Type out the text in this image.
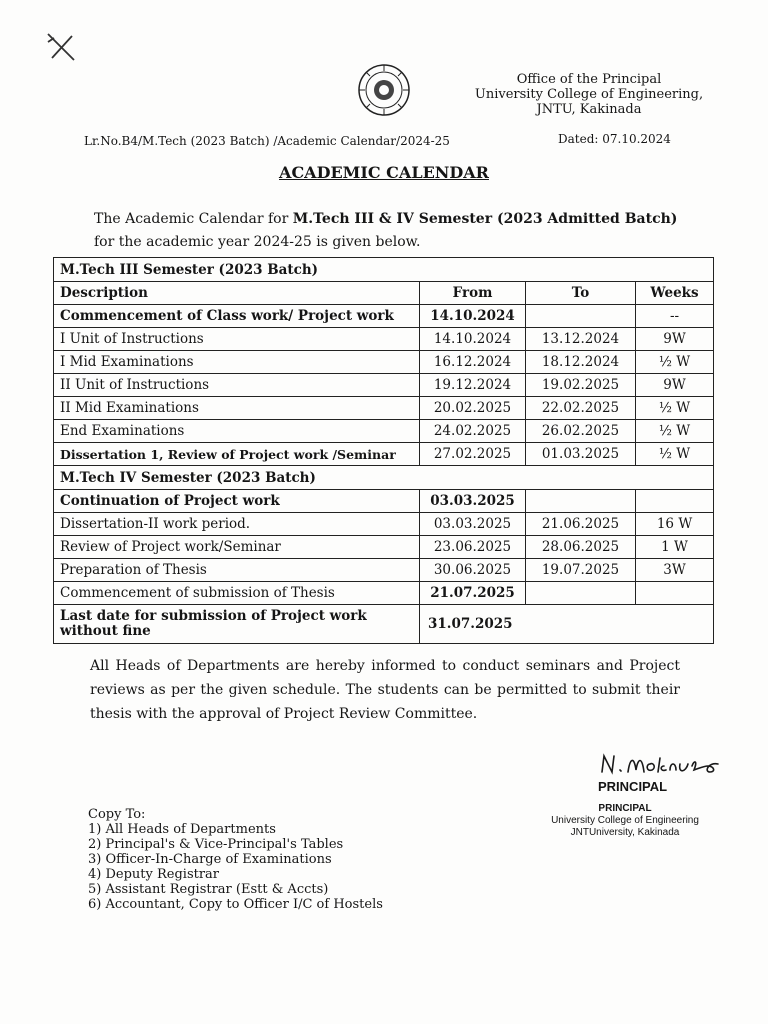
Office of the Principal
University College of Engineering,
JNTU, Kakinada
Lr.No.B4/M.Tech (2023 Batch) /Academic Calendar/2024-25	Dated: 07.10.2024
ACADEMIC CALENDAR
The Academic Calendar for M.Tech III & IV Semester (2023 Admitted Batch)
for the academic year 2024-25 is given below.
M.Tech III Semester (2023 Batch)			
Description	From	To	Weeks
Commencement of Class work/ Project work	14.10.2024		--
I Unit of Instructions	14.10.2024	13.12.2024	9W
I Mid Examinations	16.12.2024	18.12.2024	½ W
II Unit of Instructions	19.12.2024	19.02.2025	9W
II Mid Examinations	20.02.2025	22.02.2025	½ W
End Examinations	24.02.2025	26.02.2025	½ W
Dissertation 1, Review of Project work /Seminar	27.02.2025	01.03.2025	½ W
M.Tech IV Semester (2023 Batch)			
Continuation of Project work	03.03.2025		
Dissertation-II work period.	03.03.2025	21.06.2025	16 W
Review of Project work/Seminar	23.06.2025	28.06.2025	1 W
Preparation of Thesis	30.06.2025	19.07.2025	3W
Commencement of submission of Thesis	21.07.2025		
Last date for submission of Project work without fine	31.07.2025		
All Heads of Departments are hereby informed to conduct seminars and Project reviews as per the given schedule. The students can be permitted to submit their thesis with the approval of Project Review Committee.
PRINCIPAL
PRINCIPAL
University College of Engineering
JNTUniversity, Kakinada
Copy To:
1) All Heads of Departments
2) Principal's & Vice-Principal's Tables
3) Officer-In-Charge of Examinations
4) Deputy Registrar
5) Assistant Registrar (Estt & Accts)
6) Accountant, Copy to Officer I/C of Hostels
